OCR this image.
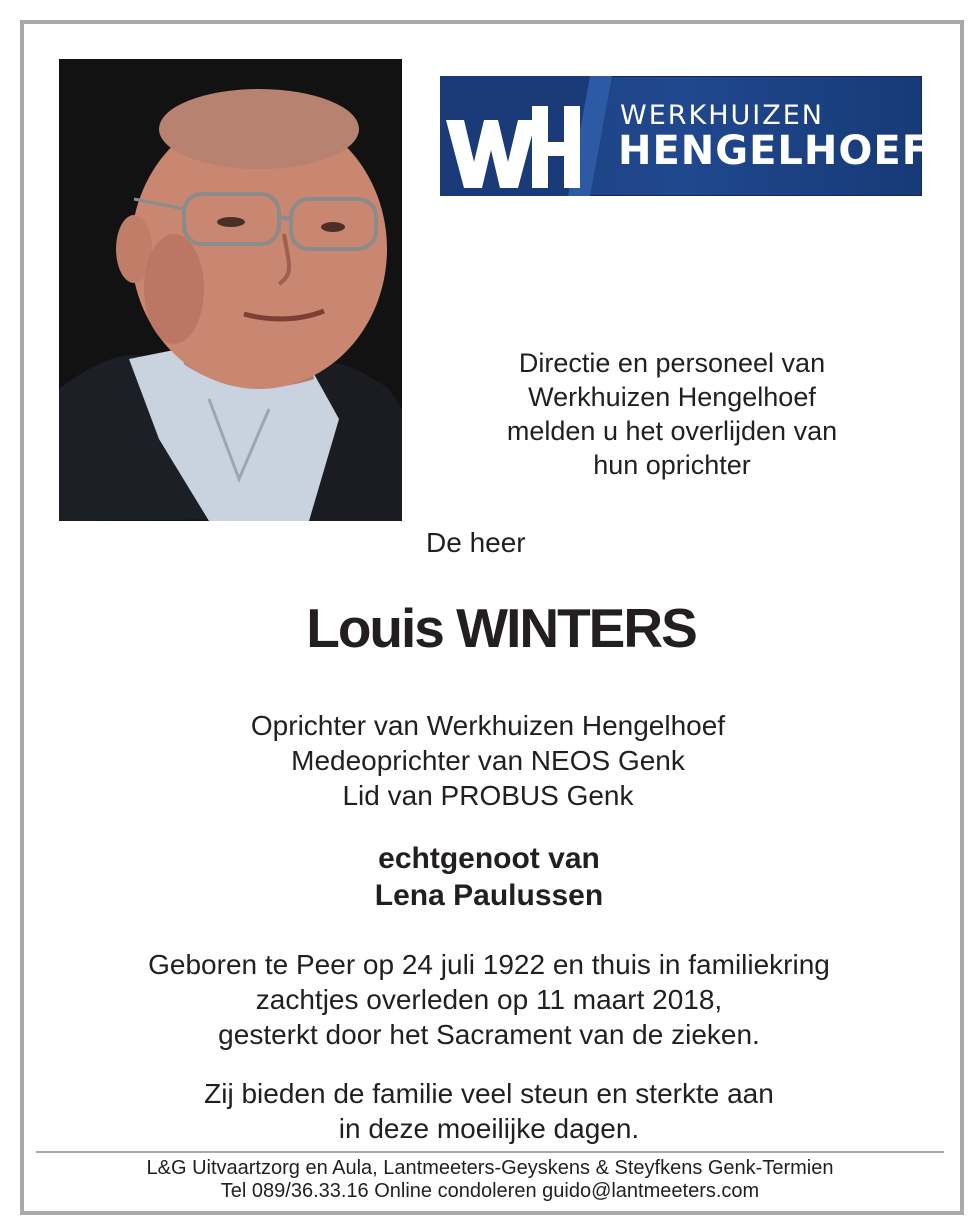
WERKHUIZEN
HENGELHOEF
Directie en personeel van
Werkhuizen Hengelhoef
melden u het overlijden van
hun oprichter
De heer
Louis WINTERS
Oprichter van Werkhuizen Hengelhoef
Medeoprichter van NEOS Genk
Lid van PROBUS Genk
echtgenoot van
Lena Paulussen
Geboren te Peer op 24 juli 1922 en thuis in familiekring
zachtjes overleden op 11 maart 2018,
gesterkt door het Sacrament van de zieken.
Zij bieden de familie veel steun en sterkte aan
in deze moeilijke dagen.
L&G Uitvaartzorg en Aula, Lantmeeters-Geyskens & Steyfkens Genk-Termien
Tel 089/36.33.16 Online condoleren guido@lantmeeters.com
